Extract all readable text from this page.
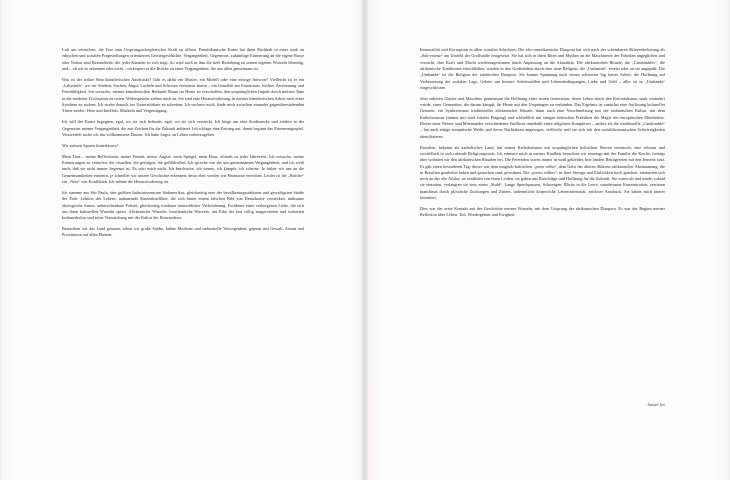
Luft um versuchen, die Tore zum Ursprungsschöpferischer Kraft zu öffnen. Panafrikanische Kunst hat ihren Rückhalt in einer stark an ethischen und sozialen Fragestellungen orientierten Geistesgeschichte. Vergangenheit, Gegenwart, zukünftige Erinnerung an die eigene Rasse oder Nation sind Bestandteile, die jeder Künstler in sich trägt. So wird auch in ihm die tiefe Beziehung zu seinen eigenen Wurzeln lebendig, und – ob wir es erkennen oder nicht – verkörpert er die Brücke zu einer Vergangenheit, die uns allen gemeinsam ist.

Was ist der wahre Sinn künstlerischen Ausdrucks? Gibt es dafür ein Muster, ein Modell oder eine einzige Antwort? Vielleicht ist er ein „Labyrinth“, wo wir Streben, Suchen, Angst, Lächeln und Schreien verinnern lauern – ein Gemälde am Emotionen, leichter Zerstreuung und Feinfühligkeit. Ich versuche, meiner künstlerischen Herkunft Raum im Heute zu verschaffen, den ursprünglichen Impuls durch meinen Tanz in die moderne Zivilisation zu retten. Widersprüche ziehen mich an. Sie sind eine Herausforderung, in meiner künstlerischen Arbeit nach einer Synthese zu suchen. Ich strebe danach, ins Unzerstörbare zu schreiten: Ich verlasse mich, finde mich zwischen einander gegenüberstehenden Türen wieder: Herz und Intellekt, Muskeln und Vergeistigung.

Ich will der Kunst begegnen, egal, wo sie sich befindet, egal, wo sie sich versteckt. Ich biege um eine Straßenecke und erfahre in der Gegenwart meiner Vergangenheit, die mir Zeichen für die Zukunft anbietet. Ich schlage eine Zeitung auf, damit beginnt das Erinnerungsspiel. Verzweifelt suche ich das vollkommene Dasein. Ich habe Angst, an Leben vorbeizugehen.

Wir müssen Spuren hinterlassen!

Mein Tanz – meine Reflexionen, meine Freude, meine Ängste, mein Spiegel, mein Haus, oftmals zu jeder Jahreszeit. Ich versuche, meine Erinnerungen zu vertiefen: die visuellen, die geistigen, die gefühlvollen. Ich spreche von der uns gemeinsamen Vergangenheit, und ich weiß auch, daß sie nicht immer begrenzt ist. Es stört mich nicht. Ich beschwöre, ich wenne, ich kämpfe, ich scheine. Je früher wir uns an die Gemeinsamkeiten erinnern, je schneller wir unsere Geschichte erkennen, desto eher werden wir Harmonie erreichen. Leider ist die „Brücke“ ein „Netz“ von Konflikten. Ich nehme die Herausforderung an.

Ich stamme aus São Paulo, den größten Industriezentrum Südamerikas, gleichzeitig eine der bevölkerungsstärksten und gewaltigsten Städte der Erde. Lektion des Lebens: andauernde Rassenkonflikte, die sich hinter einem falschen Bild von Demokratie verstecken, mühsame ökologische Armut, unberechenbare Polizei, gleichzeitig fortdauer menschlicher Verbrüderung. Fortdauer einer verborgenen Liebe, die sich aus ihren kulturellen Wurzeln speist. Afrikanische Wurzeln, brasilianische Wurzeln, das Erbe der fast völlig ausgerotteten und isolierten Indianerkultur und seine Vermischung mit der Kultur der Einwanderer.

Betrachten wir das Land genauer, sehen wir große Städte, kühne Moderne und industrielle Verwegenheit, gepaart mit Gewalt, Armut und Prostitution auf allen Ebenen,

Immoralität und Korruption in allen sozialen Schichten. Die afro-amerikanische Diaspora hat sich nach der scheinbaren Sklavenbefreiung als „Sub-essenz“ am Umfeld der Großstädte festgesetzt. Sie hat sich in ihren Riten und Mythen an die Maschinerie der Fabriken angeglichen und versucht, ihre Kraft und Macht wiederzugewinnen durch Anpassung an die Aktualität. Die afrikanischen Rituale, die „Candomblés“, die afrikanische Traditionen einschließen, wurden in den Großstädten durch eine neue Religion, die „Umbanda“, ersetzt oder an sie angepaßt. Die „Umbanda“ ist die Religion der städtischen Diaspora. Sie konnte Spannung nach einem schweren Tag harter Arbeit, die Hoffnung auf Verbesserung der sozialen Lage, Gebete um bessere Arbeitsstellen und Lebensbedingungen, Liebe und Geld – alles ist in „Umbanda“ eingeschlossen.

Jetzt zuhören Glaube und Maschine gemeinsam die Hoffnung einer neuen Generation, deren Leben durch den Kolonialismus stark verändert wurde, einer Generation, die darum kämpft, ihr Heute mit den Ursprüngen zu verbinden. Das Ergebnis ist zunächst eine Auflösung kultureller Grenzen, ein Synkretismus traditioneller afrikanischer Rituale, dann auch eine Verschmelzung mit der indianischen Kultur, mit dem Katholizismus (immer mit stark lokaler Prägung) und schließlich mit einigen keltischen Praktiken der Magie des europäischen Mittelalters. Dieses neue Neben- und Miteinander verschiedener Einflüsse innerhalb eines religiösen Komplexes – anders als die traditionelle „Candomblé“ – hat auch einige europäische Weiße und deren Nachfahren angezogen, vielleicht weil sie sich mit den sozialökonomischen Schwierigkeiten identifizieren.

Brasilien, bekannt als katholisches Land, hat seinen Katholizismus mit ursprünglichen keltischen Werten vermischt, eine seltsam und zweifelhaft in sich ruhende Religionspraxis. Ich erinnere mich in meiner Kindheit besuchten wir sonntags mit der Familie die Kirche, freitags aber wohnten wir den afrikanischen Ritualen bei. Die Feiernden waren immer in weiß gekleidet, hier fanden Betrügereien mit den Jenseits statt. Es gab einen besonderen Tag: dieser war dem magisch-kultischen „preto velho“, dem Geist der älteren Sklaven afrikanischer Abstammung, die in Brasilien gearbeitet haben und gestorben sind, gewidmet. Die „pretos velhos“, in ihrer Strenge und Ehrlichkeit hoch geachtet, erinnerten sich noch an das alte Afrika; sie erzählten von ihren Leiden, sie gaben uns Ratschläge und Hoffnung für die Zukunft. Sie waren alt und müde; sobald sie eintraten, verlangten sie stets einen „Stuhl“. Lange Sprechpausen, Schweigen, Blicke in die Leere, wundersame Konzentration, zerrissen manchmal durch plötzliche Zuckungen und Zittern, unheimliche körperliche Lebensintensität, zeitloser Ausdruck. Sie haben mich immer fasziniert.

Dies war der erste Kontakt mit der Geschichte meiner Wurzeln, mit dem Ursprung der afrikanischen Diaspora. Es war der Beginn meiner Reflexion über Leben, Tod, Wiedergeburt und Ewigkeit.

Ismael Ivo
